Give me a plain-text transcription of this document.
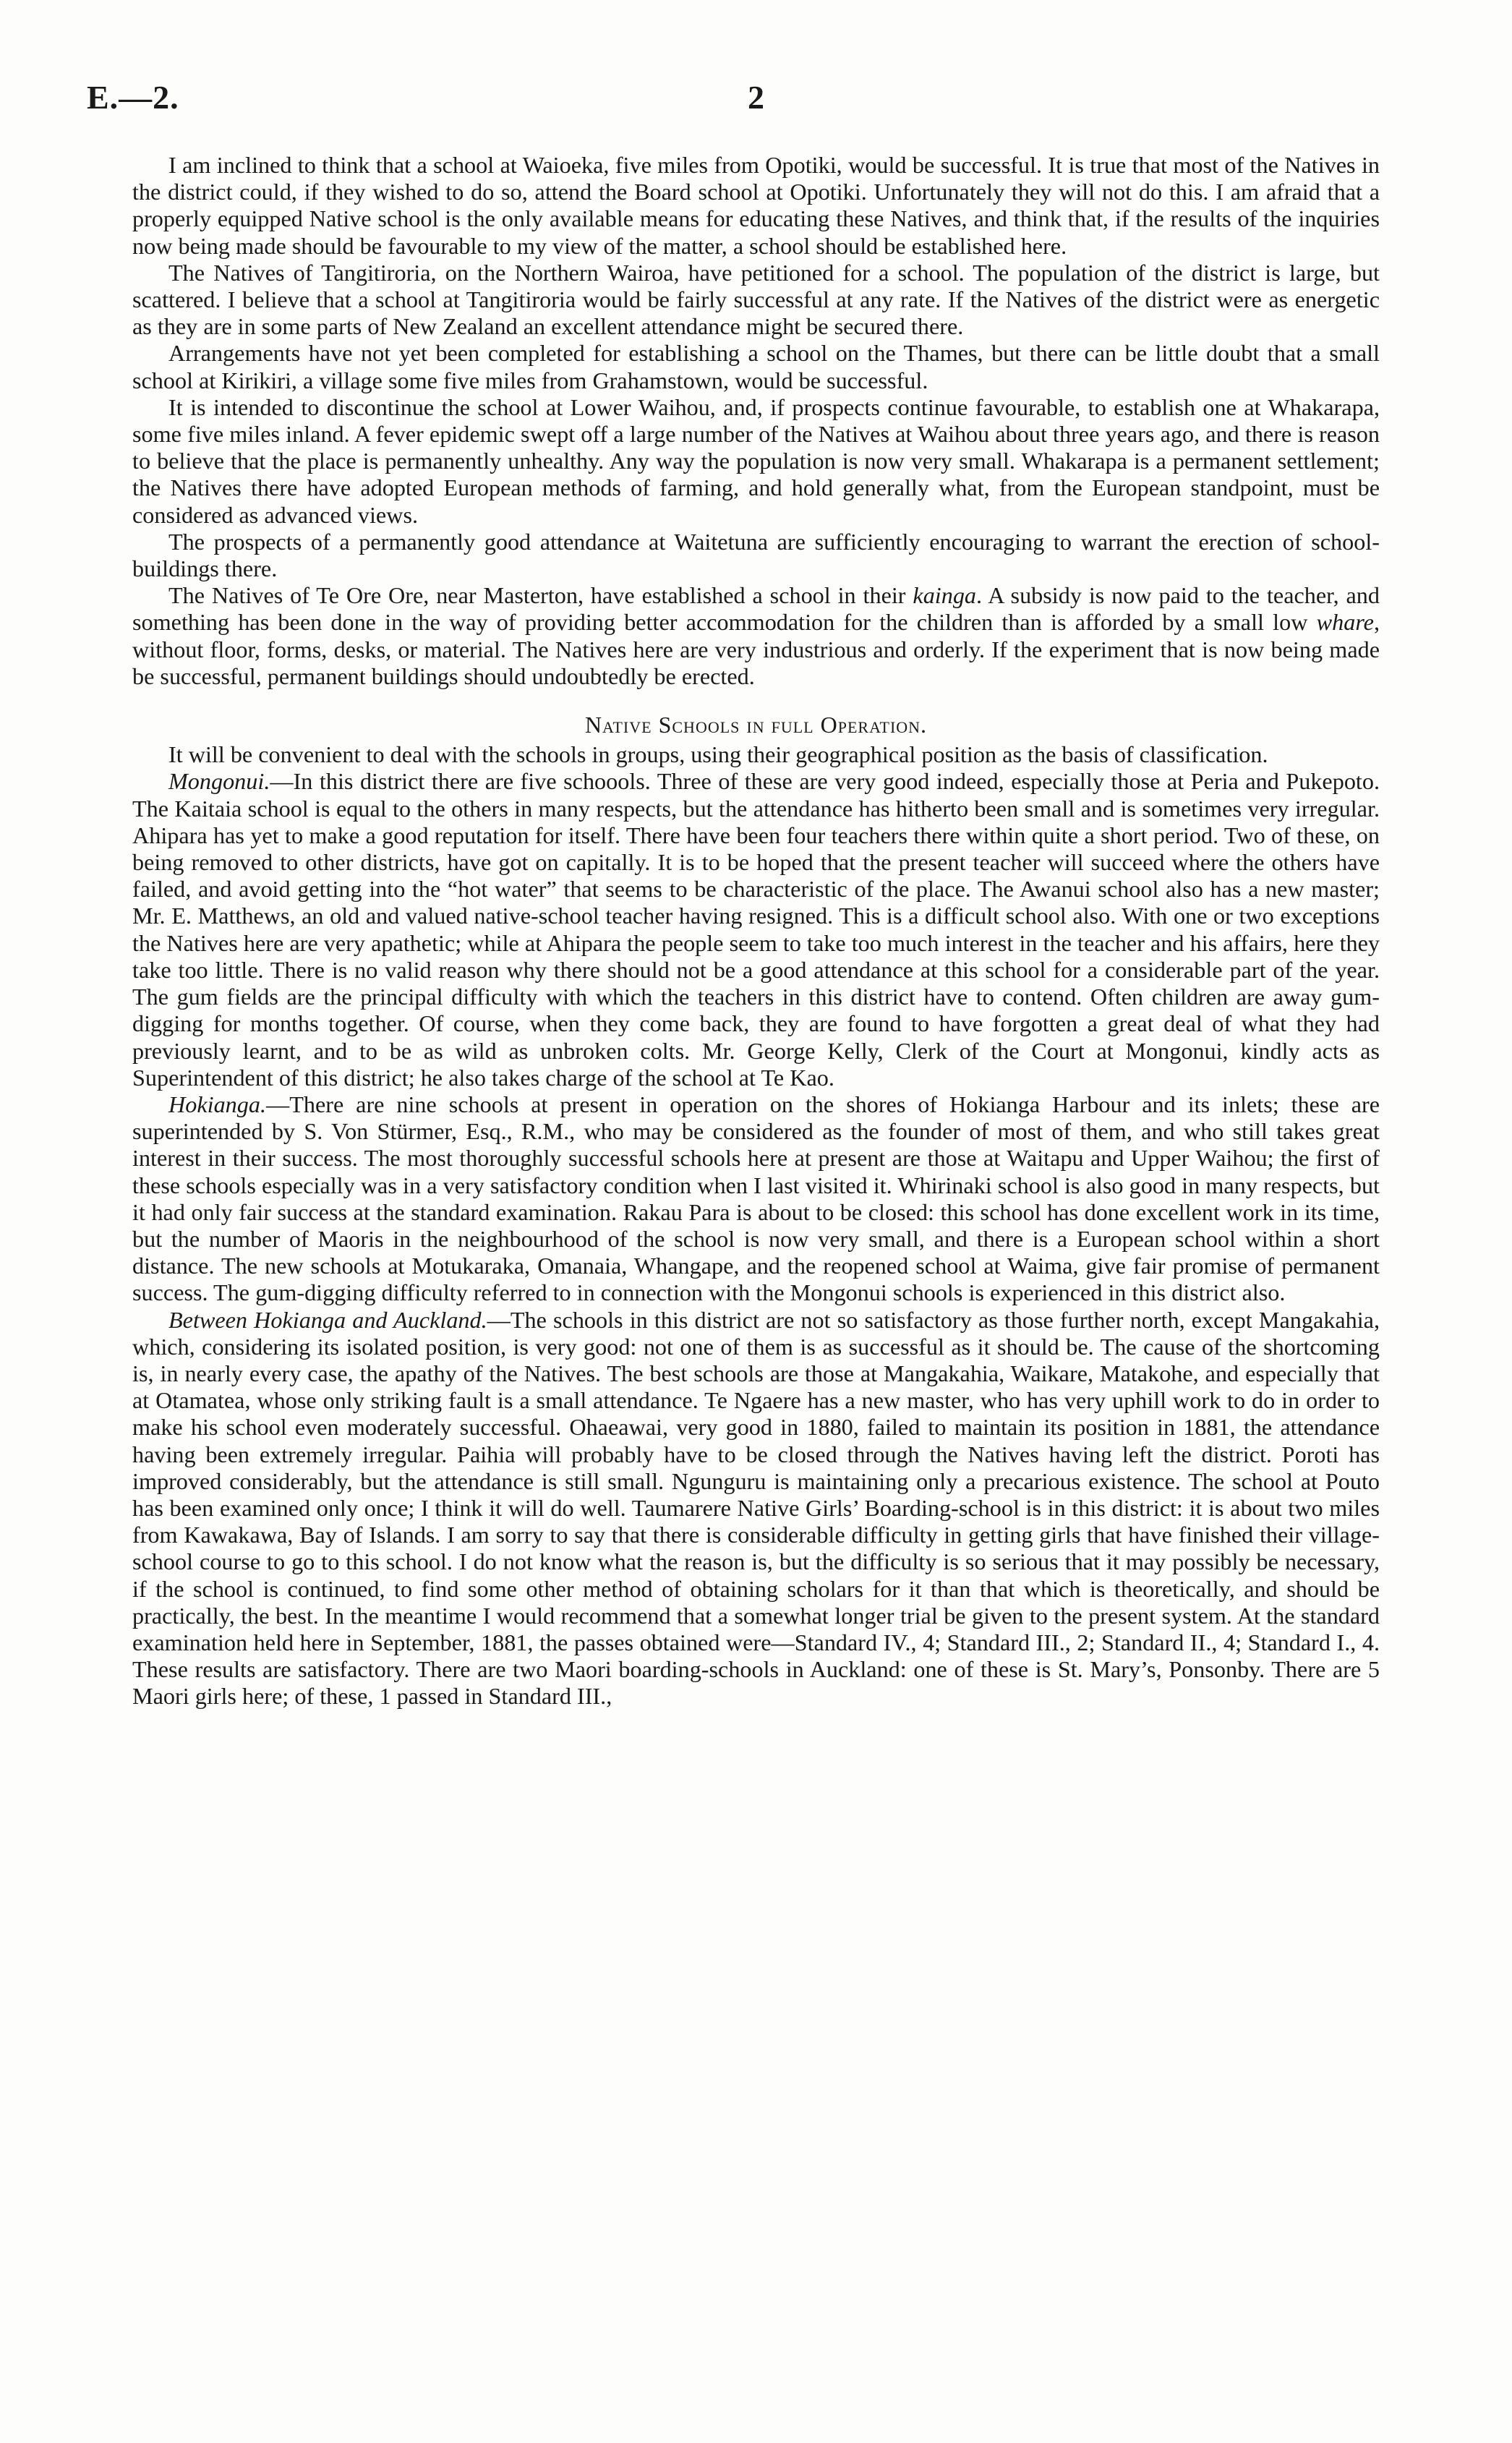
E.—2.	2

I am inclined to think that a school at Waioeka, five miles from Opotiki, would be successful. It is true that most of the Natives in the district could, if they wished to do so, attend the Board school at Opotiki. Unfortunately they will not do this. I am afraid that a properly equipped Native school is the only available means for educating these Natives, and think that, if the results of the inquiries now being made should be favourable to my view of the matter, a school should be established here.

The Natives of Tangitiroria, on the Northern Wairoa, have petitioned for a school. The population of the district is large, but scattered. I believe that a school at Tangitiroria would be fairly successful at any rate. If the Natives of the district were as energetic as they are in some parts of New Zealand an excellent attendance might be secured there.

Arrangements have not yet been completed for establishing a school on the Thames, but there can be little doubt that a small school at Kirikiri, a village some five miles from Grahamstown, would be successful.

It is intended to discontinue the school at Lower Waihou, and, if prospects continue favourable, to establish one at Whakarapa, some five miles inland. A fever epidemic swept off a large number of the Natives at Waihou about three years ago, and there is reason to believe that the place is permanently unhealthy. Any way the population is now very small. Whakarapa is a permanent settlement; the Natives there have adopted European methods of farming, and hold generally what, from the European standpoint, must be considered as advanced views.

The prospects of a permanently good attendance at Waitetuna are sufficiently encouraging to warrant the erection of school-buildings there.

The Natives of Te Ore Ore, near Masterton, have established a school in their kainga. A subsidy is now paid to the teacher, and something has been done in the way of providing better accommodation for the children than is afforded by a small low whare, without floor, forms, desks, or material. The Natives here are very industrious and orderly. If the experiment that is now being made be successful, permanent buildings should undoubtedly be erected.

Native Schools in full Operation.

It will be convenient to deal with the schools in groups, using their geographical position as the basis of classification.

Mongonui.—In this district there are five schoools. Three of these are very good indeed, especially those at Peria and Pukepoto. The Kaitaia school is equal to the others in many respects, but the attendance has hitherto been small and is sometimes very irregular. Ahipara has yet to make a good reputation for itself. There have been four teachers there within quite a short period. Two of these, on being removed to other districts, have got on capitally. It is to be hoped that the present teacher will succeed where the others have failed, and avoid getting into the “hot water” that seems to be characteristic of the place. The Awanui school also has a new master; Mr. E. Matthews, an old and valued native-school teacher having resigned. This is a difficult school also. With one or two exceptions the Natives here are very apathetic; while at Ahipara the people seem to take too much interest in the teacher and his affairs, here they take too little. There is no valid reason why there should not be a good attendance at this school for a considerable part of the year. The gum fields are the principal difficulty with which the teachers in this district have to contend. Often children are away gum-digging for months together. Of course, when they come back, they are found to have forgotten a great deal of what they had previously learnt, and to be as wild as unbroken colts. Mr. George Kelly, Clerk of the Court at Mongonui, kindly acts as Superintendent of this district; he also takes charge of the school at Te Kao.

Hokianga.—There are nine schools at present in operation on the shores of Hokianga Harbour and its inlets; these are superintended by S. Von Stürmer, Esq., R.M., who may be considered as the founder of most of them, and who still takes great interest in their success. The most thoroughly successful schools here at present are those at Waitapu and Upper Waihou; the first of these schools especially was in a very satisfactory condition when I last visited it. Whirinaki school is also good in many respects, but it had only fair success at the standard examination. Rakau Para is about to be closed: this school has done excellent work in its time, but the number of Maoris in the neighbourhood of the school is now very small, and there is a European school within a short distance. The new schools at Motukaraka, Omanaia, Whangape, and the reopened school at Waima, give fair promise of permanent success. The gum-digging difficulty referred to in connection with the Mongonui schools is experienced in this district also.

Between Hokianga and Auckland.—The schools in this district are not so satisfactory as those further north, except Mangakahia, which, considering its isolated position, is very good: not one of them is as successful as it should be. The cause of the shortcoming is, in nearly every case, the apathy of the Natives. The best schools are those at Mangakahia, Waikare, Matakohe, and especially that at Otamatea, whose only striking fault is a small attendance. Te Ngaere has a new master, who has very uphill work to do in order to make his school even moderately successful. Ohaeawai, very good in 1880, failed to maintain its position in 1881, the attendance having been extremely irregular. Paihia will probably have to be closed through the Natives having left the district. Poroti has improved considerably, but the attendance is still small. Ngunguru is maintaining only a precarious existence. The school at Pouto has been examined only once; I think it will do well. Taumarere Native Girls’ Boarding-school is in this district: it is about two miles from Kawakawa, Bay of Islands. I am sorry to say that there is considerable difficulty in getting girls that have finished their village-school course to go to this school. I do not know what the reason is, but the difficulty is so serious that it may possibly be necessary, if the school is continued, to find some other method of obtaining scholars for it than that which is theoretically, and should be practically, the best. In the meantime I would recommend that a somewhat longer trial be given to the present system. At the standard examination held here in September, 1881, the passes obtained were—Standard IV., 4; Standard III., 2; Standard II., 4; Standard I., 4. These results are satisfactory. There are two Maori boarding-schools in Auckland: one of these is St. Mary’s, Ponsonby. There are 5 Maori girls here; of these, 1 passed in Standard III.,
